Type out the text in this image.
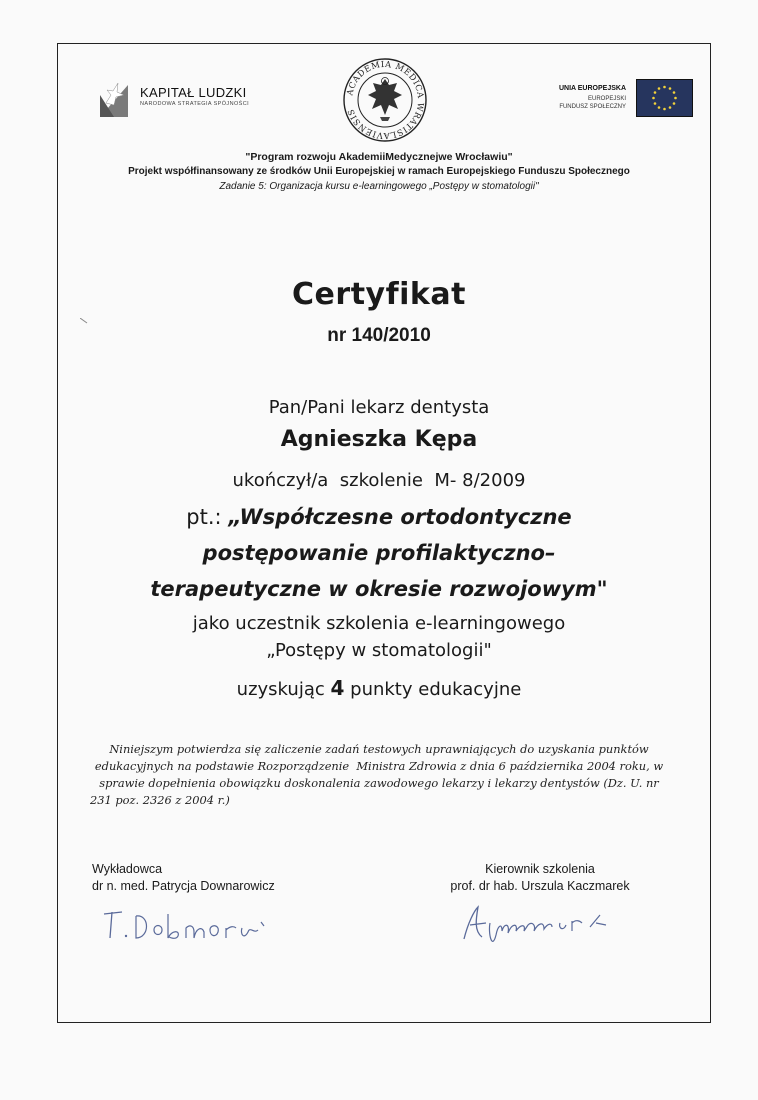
KAPITAŁ LUDZKI
NARODOWA STRATEGIA SPÓJNOŚCI
ACADEMIA MEDICA WRATISLAVIENSIS
UNIA EUROPEJSKA
EUROPEJSKI
FUNDUSZ SPOŁECZNY
"Program rozwoju AkademiiMedycznejwe Wrocławiu"
Projekt współfinansowany ze środków Unii Europejskiej w ramach Europejskiego Funduszu Społecznego
Zadanie 5: Organizacja kursu e-learningowego „Postępy w stomatologii"
Certyfikat
nr 140/2010
Pan/Pani lekarz dentysta
Agnieszka Kępa
ukończył/a  szkolenie  M- 8/2009
pt.: „Współczesne ortodontyczne
postępowanie profilaktyczno–
terapeutyczne w okresie rozwojowym"
jako uczestnik szkolenia e-learningowego
„Postępy w stomatologii"
uzyskując 4 punkty edukacyjne
Niniejszym potwierdza się zaliczenie zadań testowych uprawniających do uzyskania punktów
edukacyjnych na podstawie Rozporządzenie  Ministra Zdrowia z dnia 6 października 2004 roku, w
sprawie dopełnienia obowiązku doskonalenia zawodowego lekarzy i lekarzy dentystów (Dz. U. nr
231 poz. 2326 z 2004 r.)
Wykładowca
dr n. med. Patrycja Downarowicz
Kierownik szkolenia
prof. dr hab. Urszula Kaczmarek
